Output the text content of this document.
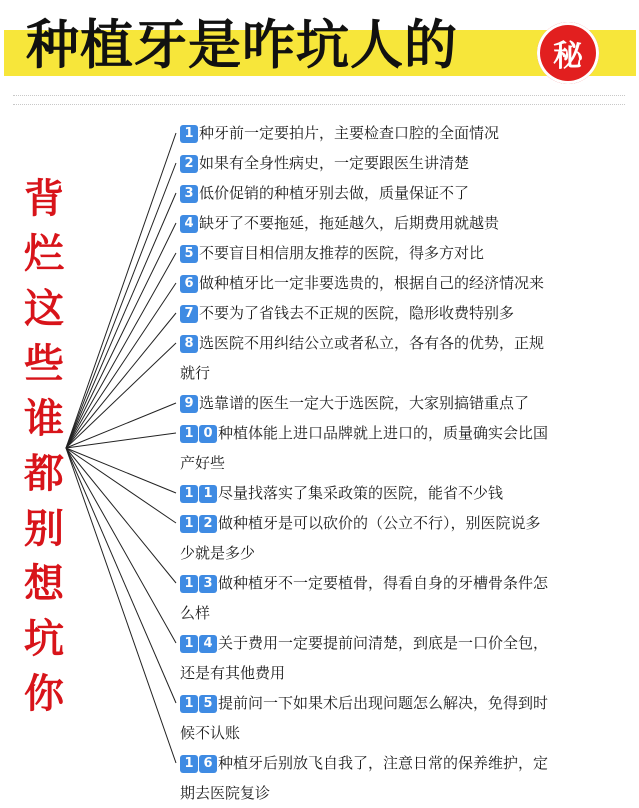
种植牙是咋坑人的	秘
背
烂
这
些
谁
都
别
想
坑
你
1 种牙前一定要拍片，主要检查口腔的全面情况
2 如果有全身性病史，一定要跟医生讲清楚
3 低价促销的种植牙别去做，质量保证不了
4 缺牙了不要拖延，拖延越久，后期费用就越贵
5 不要盲目相信朋友推荐的医院，得多方对比
6 做种植牙比一定非要选贵的，根据自己的经济情况来
7 不要为了省钱去不正规的医院，隐形收费特别多
8 选医院不用纠结公立或者私立，各有各的优势，正规
就行
9 选靠谱的医生一定大于选医院，大家别搞错重点了
1 0 种植体能上进口品牌就上进口的，质量确实会比国
产好些
1 1 尽量找落实了集采政策的医院，能省不少钱
1 2 做种植牙是可以砍价的（公立不行），别医院说多
少就是多少
1 3 做种植牙不一定要植骨，得看自身的牙槽骨条件怎
么样
1 4 关于费用一定要提前问清楚，到底是一口价全包，
还是有其他费用
1 5 提前问一下如果术后出现问题怎么解决，免得到时
候不认账
1 6 种植牙后别放飞自我了，注意日常的保养维护，定
期去医院复诊
